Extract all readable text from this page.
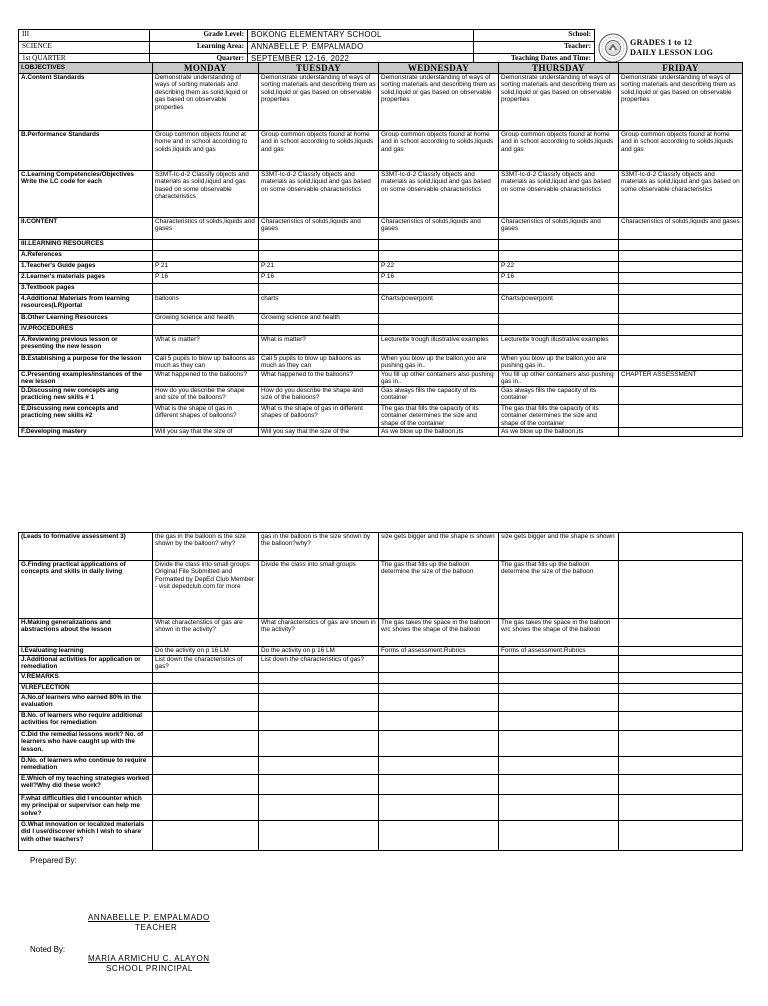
III	Grade Level:	BOKONG ELEMENTARY SCHOOL	School:	GRADES 1 to 12
DAILY LESSON LOG

SCIENCE	Learning Area:	ANNABELLE P. EMPALMADO	Teacher:	
1st QUARTER	Quarter:	SEPTEMBER 12-16, 2022	Teaching Dates and Time:	
I.OBJECTIVES	MONDAY	TUESDAY	WEDNESDAY	THURSDAY	FRIDAY
A.Content Standards	Demonstrate understanding of ways of sorting materials and describing them as solid,liquid or gas based on observable properties	Demonstrate understanding of ways of sorting materials and describing them as solid,liquid or gas based on observable properties	Demonstrate understanding of ways of sorting materials and describing them as solid,liquid or gas based on observable properties	Demonstrate understanding of ways of sorting materials and describing them as solid,liquid or gas based on observable properties	Demonstrate understanding of ways of sorting materials and describing them as solid,liquid or gas based on observable properties
B.Performance Standards	Group common objects found at home and in school according to solids,liquids and gas	Group common objects found at home and in school according to solids,liquids and gas	Group common objects found at home and in school according to solids,liquids and gas	Group common objects found at home and in school according to solids,liquids and gas	Group common objects found at home and in school according to solids,liquids and gas
C.Learning Competencies/Objectives Write the LC code for each	S3MT-Ic-d-2 Classify objects and materials as solid,liquid and gas based on some observable characteristics	S3MT-Ic-d-2 Classify objects and materials as solid,liquid and gas based on some observable characteristics	S3MT-Ic-d-2 Classify objects and materials as solid,liquid and gas based on some observable characteristics	S3MT-Ic-d-2 Classify objects and materials as solid,liquid and gas based on some observable characteristics	S3MT-Ic-d-2 Classify objects and materials as solid,liquid and gas based on some observable characteristics
II.CONTENT	Characteristics of solids,liquids and gases	Characteristics of solids,liquids and gases	Characteristics of solids,liquids and gases	Characteristics of solids,liquids and gases	Characteristics of solids,liquids and gases
III.LEARNING RESOURCES					
A.References					
1.Teacher's Guide pages	P 21	P 21	P 22	P 22	
2.Learner's materials pages	P 16	P 16	P 16	P 16	
3.Textbook pages					
4.Additional Materials from learning resources(LR)portal	balloons	charts	Charts/powerpoint	Charts/powerpoint	
B.Other Learning Resources	Growing science and health	Growing science and health			
IV.PROCEDURES					
A.Reviewing previous lesson or presenting the new lesson	What is matter?	What is matter?	Lecturette trough illustrative examples	Lecturette trough illustrative examples	
B.Establishing a purpose for the lesson	Call 5 pupils to blow up balloons as much as they can	Call 5 pupils to blow up balloons as much as they can	When you blow up the ballon,you are pushing gas in..	When you blow up the ballon,you are pushing gas in..	
C.Presenting examples/instances of the new lesson	What happened to the balloons?	What happened to the balloons?	You fill up other containers also pushing gas in..	You fill up other containers also pushing gas in..	CHAPTER ASSESSMENT
D.Discussing new concepts ang practicing new skills # 1	How do you describe the shape and size of the balloons?	How do you describe the shape and size of the balloons?	Gas always fills the capacity of its container	Gas always fills the capacity of its container	
E.Discussing new concepts and practicing new skills #2	What is the shape of gas in different shapes of balloons?	What is the shape of gas in different shapes of balloons?	The gas that fills the capacity of its container determines the size and shape of the container	The gas that fills the capacity of its container determines the size and shape of the container	
F.Developing mastery	Will you say that the size of	Will you say that the size of the	As we blow up the balloon,its	As we blow up the balloon,its	
(Leads to formative assessment 3)	the gas in the balloon is the size shown by the balloon? why?	gas in the balloon is the size shown by the balloon?why?	size gets bigger and the shape is shown	size gets bigger and the shape is shown	
G.Finding practical applications of concepts and skills in daily living	Divide the class into small groups Original File Submitted and Formatted by DepEd Club Member - visit depedclub.com for more	Divide the class into small groups	The gas that fills up the balloon determine the size of the balloon	The gas that fills up the balloon determine the size of the balloon	
H.Making generalizations and abstractions about the lesson	What characteristics of gas are shown in the activity?	What characteristics of gas are shown in the activity?	The gas takes the space in the balloon w/c shows the shape of the balloon	The gas takes the space in the balloon w/c shows the shape of the balloon	
I.Evaluating learning	Do the activity on p 16 LM	Do the activity on p 16 LM	Forms of assessment.Rubrics	Forms of assessment.Rubrics	
J.Additional activities for application or remediation	List down the characteristics of gas?	List down the characteristics of gas?			
V.REMARKS					
VI.REFLECTION					
A.No.of learners who earned 80% in the evaluation					
B.No. of learners who require additional activities for remediation					
C.Did the remedial lessons work? No. of learners who have caught up with the lesson.					
D.No. of learners who continue to require remediation					
E.Which of my teaching strategies worked well?Why did these work?					
F.what difficulties did I encounter which my principal or supervisor can help me solve?					
G.What innovation or localized materials did I use/discover which I wish to share with other teachers?					
Prepared By:
ANNABELLE P. EMPALMADO
TEACHER
Noted By:
MARIA ARMICHU C. ALAYON
SCHOOL PRINCIPAL
